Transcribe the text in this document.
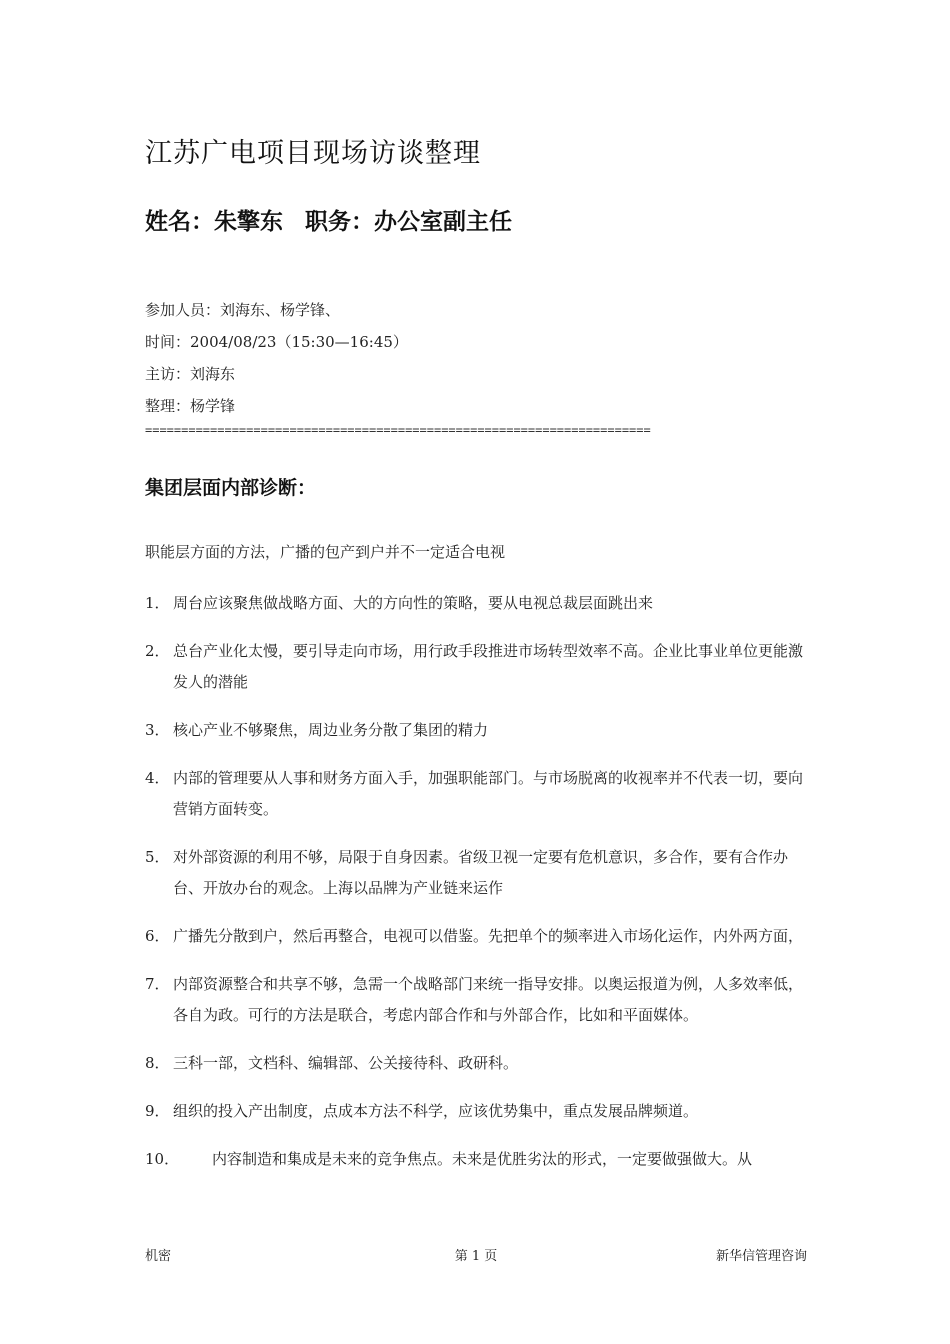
江苏广电项目现场访谈整理
姓名：朱擎东 职务：办公室副主任
参加人员：刘海东、杨学锋、
时间：2004/08/23（15:30—16:45）
主访：刘海东
整理：杨学锋
======================================================================
集团层面内部诊断：
职能层方面的方法，广播的包产到户并不一定适合电视
1． 周台应该聚焦做战略方面、大的方向性的策略，要从电视总裁层面跳出来
2． 总台产业化太慢，要引导走向市场，用行政手段推进市场转型效率不高。企业比事业单位更能激发人的潜能
3． 核心产业不够聚焦，周边业务分散了集团的精力
4． 内部的管理要从人事和财务方面入手，加强职能部门。与市场脱离的收视率并不代表一切，要向营销方面转变。
5． 对外部资源的利用不够，局限于自身因素。省级卫视一定要有危机意识，多合作，要有合作办台、开放办台的观念。上海以品牌为产业链来运作
6． 广播先分散到户，然后再整合，电视可以借鉴。先把单个的频率进入市场化运作，内外两方面，
7． 内部资源整合和共享不够，急需一个战略部门来统一指导安排。以奥运报道为例，人多效率低，各自为政。可行的方法是联合，考虑内部合作和与外部合作，比如和平面媒体。
8． 三科一部，文档科、编辑部、公关接待科、政研科。
9． 组织的投入产出制度，点成本方法不科学，应该优势集中，重点发展品牌频道。
10． 内容制造和集成是未来的竞争焦点。未来是优胜劣汰的形式，一定要做强做大。从
机密	第 1 页	新华信管理咨询
